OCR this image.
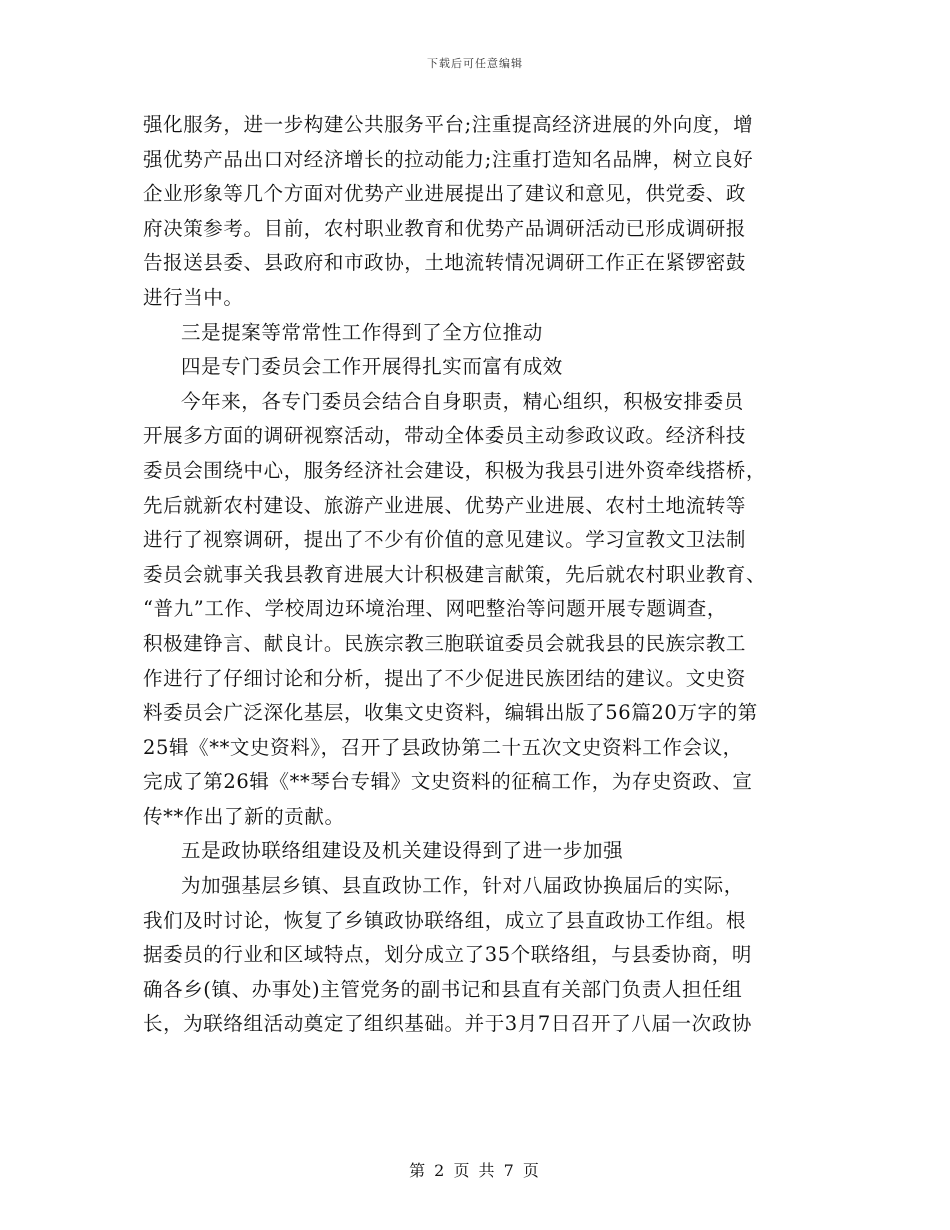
下载后可任意编辑
强化服务，进一步构建公共服务平台;注重提高经济进展的外向度，增
强优势产品出口对经济增长的拉动能力;注重打造知名品牌，树立良好
企业形象等几个方面对优势产业进展提出了建议和意见，供党委、政
府决策参考。目前，农村职业教育和优势产品调研活动已形成调研报
告报送县委、县政府和市政协，土地流转情况调研工作正在紧锣密鼓
进行当中。
三是提案等常常性工作得到了全方位推动
四是专门委员会工作开展得扎实而富有成效
今年来，各专门委员会结合自身职责，精心组织，积极安排委员
开展多方面的调研视察活动，带动全体委员主动参政议政。经济科技
委员会围绕中心，服务经济社会建设，积极为我县引进外资牵线搭桥，
先后就新农村建设、旅游产业进展、优势产业进展、农村土地流转等
进行了视察调研，提出了不少有价值的意见建议。学习宣教文卫法制
委员会就事关我县教育进展大计积极建言献策，先后就农村职业教育、
“普九”工作、学校周边环境治理、网吧整治等问题开展专题调查，
积极建铮言、献良计。民族宗教三胞联谊委员会就我县的民族宗教工
作进行了仔细讨论和分析，提出了不少促进民族团结的建议。文史资
料委员会广泛深化基层，收集文史资料，编辑出版了56篇20万字的第
25辑《**文史资料》，召开了县政协第二十五次文史资料工作会议，
完成了第26辑《**琴台专辑》文史资料的征稿工作，为存史资政、宣
传**作出了新的贡献。
五是政协联络组建设及机关建设得到了进一步加强
为加强基层乡镇、县直政协工作，针对八届政协换届后的实际，
我们及时讨论，恢复了乡镇政协联络组，成立了县直政协工作组。根
据委员的行业和区域特点，划分成立了35个联络组，与县委协商，明
确各乡(镇、办事处)主管党务的副书记和县直有关部门负责人担任组
长，为联络组活动奠定了组织基础。并于3月7日召开了八届一次政协
第 2 页 共 7 页
